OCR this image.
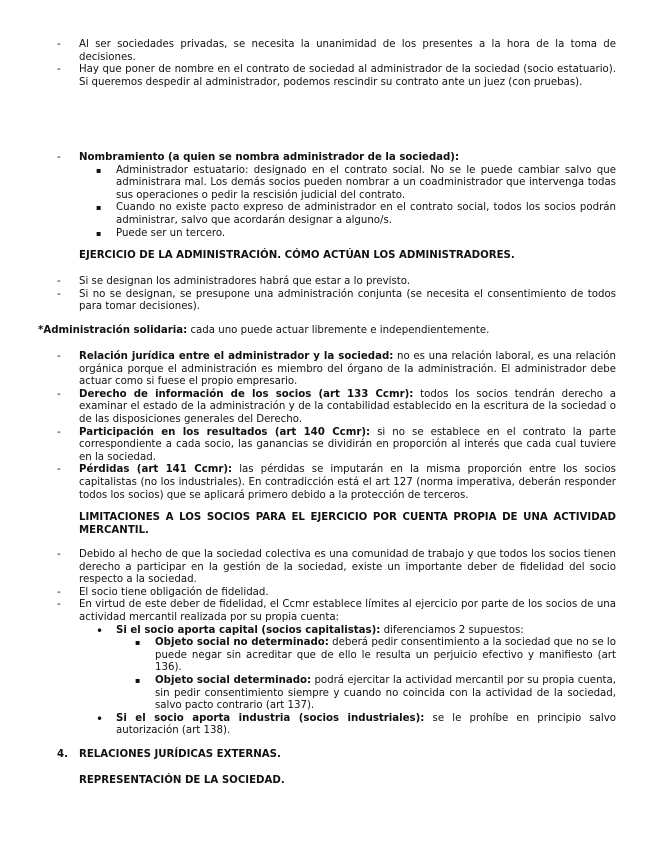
- Al ser sociedades privadas, se necesita la unanimidad de los presentes a la hora de la toma de decisiones.
- Hay que poner de nombre en el contrato de sociedad al administrador de la sociedad (socio estatuario). Si queremos despedir al administrador, podemos rescindir su contrato ante un juez (con pruebas).
- Nombramiento (a quien se nombra administrador de la sociedad):
▪ Administrador estuatario: designado en el contrato social. No se le puede cambiar salvo que administrara mal. Los demás socios pueden nombrar a un coadministrador que intervenga todas sus operaciones o pedir la rescisión judicial del contrato.
▪ Cuando no existe pacto expreso de administrador en el contrato social, todos los socios podrán administrar, salvo que acordarán designar a alguno/s.
▪ Puede ser un tercero.
EJERCICIO DE LA ADMINISTRACIÓN. CÓMO ACTÚAN LOS ADMINISTRADORES.
- Si se designan los administradores habrá que estar a lo previsto.
- Si no se designan, se presupone una administración conjunta (se necesita el consentimiento de todos para tomar decisiones).
*Administración solidaria: cada uno puede actuar libremente e independientemente.
- Relación jurídica entre el administrador y la sociedad: no es una relación laboral, es una relación orgánica porque el administración es miembro del órgano de la administración. El administrador debe actuar como si fuese el propio empresario.
- Derecho de información de los socios (art 133 Ccmr): todos los socios tendrán derecho a examinar el estado de la administración y de la contabilidad establecido en la escritura de la sociedad o de las disposiciones generales del Derecho.
- Participación en los resultados (art 140 Ccmr): si no se establece en el contrato la parte correspondiente a cada socio, las ganancias se dividirán en proporción al interés que cada cual tuviere en la sociedad.
- Pérdidas (art 141 Ccmr): las pérdidas se imputarán en la misma proporción entre los socios capitalistas (no los industriales). En contradicción está el art 127 (norma imperativa, deberán responder todos los socios) que se aplicará primero debido a la protección de terceros.
LIMITACIONES A LOS SOCIOS PARA EL EJERCICIO POR CUENTA PROPIA DE UNA ACTIVIDAD MERCANTIL.
- Debido al hecho de que la sociedad colectiva es una comunidad de trabajo y que todos los socios tienen derecho a participar en la gestión de la sociedad, existe un importante deber de fidelidad del socio respecto a la sociedad.
- El socio tiene obligación de fidelidad.
- En virtud de este deber de fidelidad, el Ccmr establece límites al ejercicio por parte de los socios de una actividad mercantil realizada por su propia cuenta:
• Si el socio aporta capital (socios capitalistas): diferenciamos 2 supuestos:
▪ Objeto social no determinado: deberá pedir consentimiento a la sociedad que no se lo puede negar sin acreditar que de ello le resulta un perjuicio efectivo y manifiesto (art 136).
▪ Objeto social determinado: podrá ejercitar la actividad mercantil por su propia cuenta, sin pedir consentimiento siempre y cuando no coincida con la actividad de la sociedad, salvo pacto contrario (art 137).
• Si el socio aporta industria (socios industriales): se le prohíbe en principio salvo autorización (art 138).
4. RELACIONES JURÍDICAS EXTERNAS.
REPRESENTACIÓN DE LA SOCIEDAD.
